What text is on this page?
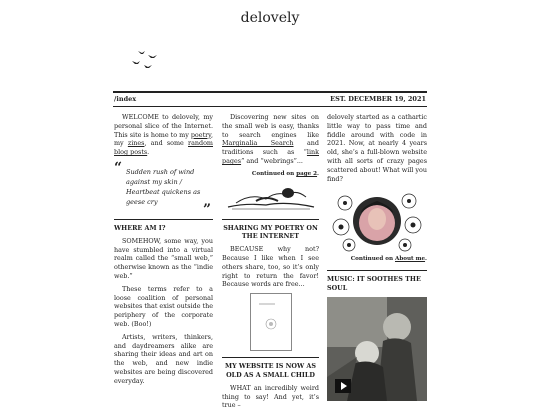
delovely
/index	EST. DECEMBER 19, 2021

WELCOME to delovely, my personal slice of the Internet. This site is home to my poetry, my zines, and some random blog posts.

“ Sudden rush of wind
against my skin /
Heartbeat quickens as
geese cry	”
WHERE AM I?

SOMEHOW, some way, you have stumbled into a virtual realm called the “small web,” otherwise known as the “indie web.”

These terms refer to a loose coalition of personal websites that exist outside the periphery of the corporate web. (Boo!)

Artists, writers, thinkers, and daydreamers alike are sharing their ideas and art on the web, and new indie websites are being discovered everyday.

Discovering new sites on the small web is easy, thanks to search engines like Marginalia Search and traditions such as “link pages” and “webrings”...

Continued on page 2.
SHARING MY POETRY ON THE INTERNET

BECAUSE why not? Because I like when I see others share, too, so it’s only right to return the favor! Because words are free...

MY WEBSITE IS NOW AS OLD AS A SMALL CHILD

WHAT an incredibly weird thing to say! And yet, it’s true –

delovely started as a cathartic little way to pass time and fiddle around with code in 2021. Now, at nearly 4 years old, she’s a full-blown website with all sorts of crazy pages scattered about! What will you find?

Continued on About me.
MUSIC: IT SOOTHES THE SOUL
